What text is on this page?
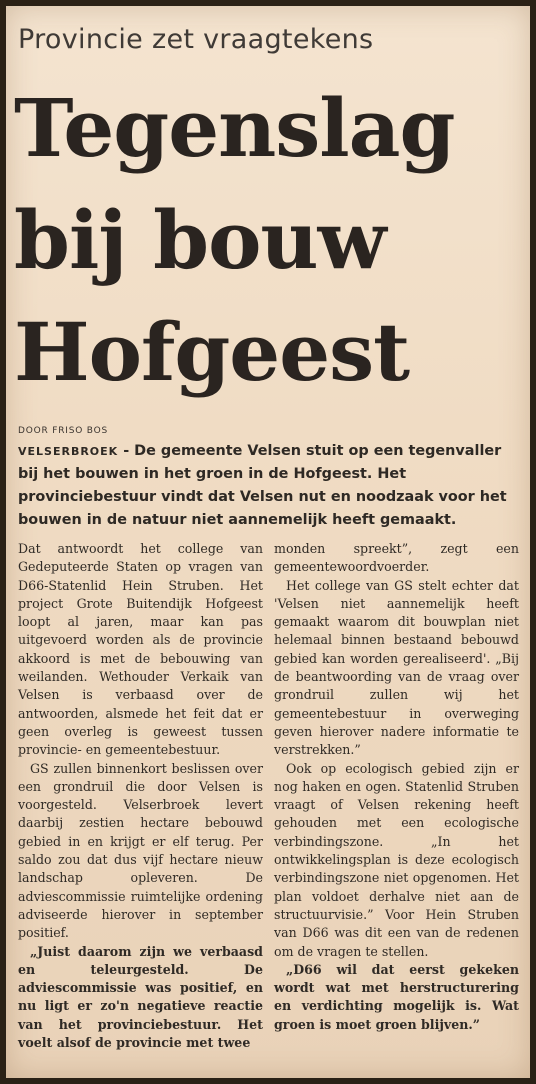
Provincie zet vraagtekens
Tegenslag
bij bouw
Hofgeest
DOOR FRISO BOS
VELSERBROEK - De gemeente Velsen stuit op een tegenvaller bij het bouwen in het groen in de Hofgeest. Het provinciebestuur vindt dat Velsen nut en noodzaak voor het bouwen in de natuur niet aannemelijk heeft gemaakt.

Dat antwoordt het college van Gedeputeerde Staten op vragen van D66-Statenlid Hein Struben. Het project Grote Buitendijk Hofgeest loopt al jaren, maar kan pas uitgevoerd worden als de provincie akkoord is met de bebouwing van weilanden. Wethouder Verkaik van Velsen is verbaasd over de antwoorden, alsmede het feit dat er geen overleg is geweest tussen provincie- en gemeentebestuur.

GS zullen binnenkort beslissen over een grondruil die door Velsen is voorgesteld. Velserbroek levert daarbij zestien hectare bebouwd gebied in en krijgt er elf terug. Per saldo zou dat dus vijf hectare nieuw landschap opleveren. De adviescommissie ruimtelijke ordening adviseerde hierover in september positief.

„Juist daarom zijn we verbaasd en teleurgesteld. De adviescommissie was positief, en nu ligt er zo'n negatieve reactie van het provinciebestuur. Het voelt alsof de provincie met twee

monden spreekt”, zegt een gemeentewoordvoerder.

Het college van GS stelt echter dat 'Velsen niet aannemelijk heeft gemaakt waarom dit bouwplan niet helemaal binnen bestaand bebouwd gebied kan worden gerealiseerd'. „Bij de beantwoording van de vraag over grondruil zullen wij het gemeentebestuur in overweging geven hierover nadere informatie te verstrekken.”

Ook op ecologisch gebied zijn er nog haken en ogen. Statenlid Struben vraagt of Velsen rekening heeft gehouden met een ecologische verbindingszone. „In het ontwikkelingsplan is deze ecologisch verbindingszone niet opgenomen. Het plan voldoet derhalve niet aan de structuurvisie.” Voor Hein Struben van D66 was dit een van de redenen om de vragen te stellen.

„D66 wil dat eerst gekeken wordt wat met herstructurering en verdichting mogelijk is. Wat groen is moet groen blijven.”
